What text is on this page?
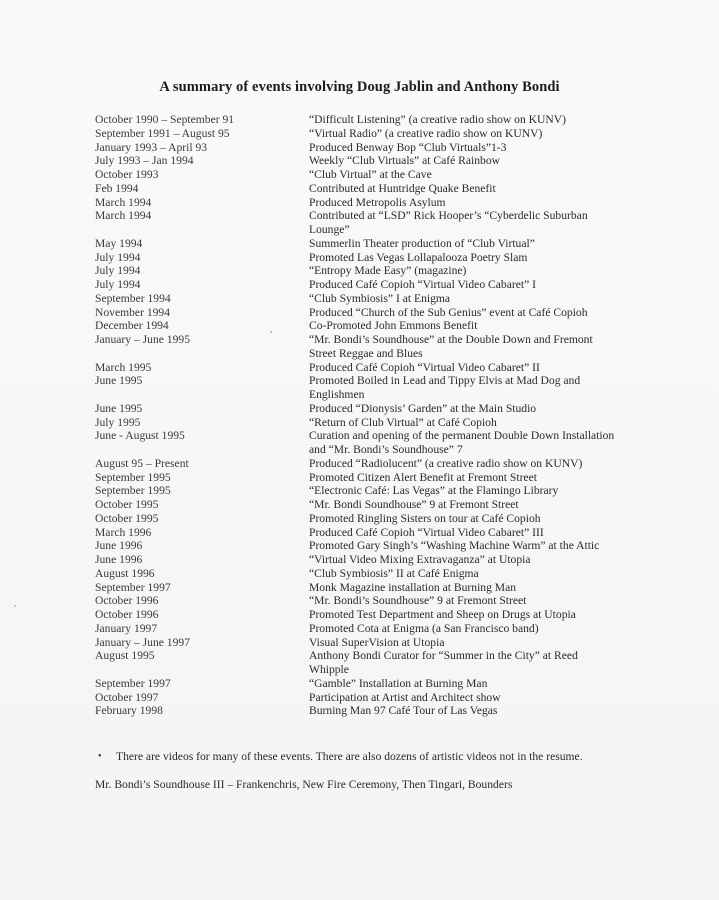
A summary of events involving Doug Jablin and Anthony Bondi
October 1990 – September 91	“Difficult Listening” (a creative radio show on KUNV)
September 1991 – August 95	“Virtual Radio” (a creative radio show on KUNV)
January 1993 – April 93	Produced Benway Bop “Club Virtuals”1-3
July 1993 – Jan 1994	Weekly “Club Virtuals” at Café Rainbow
October 1993	“Club Virtual” at the Cave
Feb 1994	Contributed at Huntridge Quake Benefit
March 1994	Produced Metropolis Asylum
March 1994	Contributed at “LSD” Rick Hooper’s “Cyberdelic Suburban Lounge”
May 1994	Summerlin Theater production of “Club Virtual”
July 1994	Promoted Las Vegas Lollapalooza Poetry Slam
July 1994	“Entropy Made Easy” (magazine)
July 1994	Produced Café Copioh “Virtual Video Cabaret” I
September 1994	“Club Symbiosis” I at Enigma
November 1994	Produced “Church of the Sub Genius” event at Café Copioh
December 1994	Co-Promoted John Emmons Benefit
January – June 1995	“Mr. Bondi’s Soundhouse” at the Double Down and Fremont Street Reggae and Blues
March 1995	Produced Café Copioh “Virtual Video Cabaret” II
June 1995	Promoted Boiled in Lead and Tippy Elvis at Mad Dog and Englishmen
June 1995	Produced “Dionysis’ Garden” at the Main Studio
July 1995	“Return of Club Virtual” at Café Copioh
June - August 1995	Curation and opening of the permanent Double Down Installation and “Mr. Bondi’s Soundhouse” 7
August 95 – Present	Produced “Radiolucent” (a creative radio show on KUNV)
September 1995	Promoted Citizen Alert Benefit at Fremont Street
September 1995	“Electronic Café: Las Vegas” at the Flamingo Library
October 1995	“Mr. Bondi Soundhouse” 9 at Fremont Street
October 1995	Promoted Ringling Sisters on tour at Café Copioh
March 1996	Produced Café Copioh “Virtual Video Cabaret” III
June 1996	Promoted Gary Singh’s “Washing Machine Warm” at the Attic
June 1996	“Virtual Video Mixing Extravaganza” at Utopia
August 1996	“Club Symbiosis” II at Café Enigma
September 1997	Monk Magazine installation at Burning Man
October 1996	“Mr. Bondi’s Soundhouse” 9 at Fremont Street
October 1996	Promoted Test Department and Sheep on Drugs at Utopia
January 1997	Promoted Cota at Enigma (a San Francisco band)
January – June 1997	Visual SuperVision at Utopia
August 1995	Anthony Bondi Curator for “Summer in the City” at Reed Whipple
September 1997	“Gamble” Installation at Burning Man
October 1997	Participation at Artist and Architect show
February 1998	Burning Man 97 Café Tour of Las Vegas
•	There are videos for many of these events. There are also dozens of artistic videos not in the resume.
Mr. Bondi’s Soundhouse III – Frankenchris, New Fire Ceremony, Then Tingari, Bounders
